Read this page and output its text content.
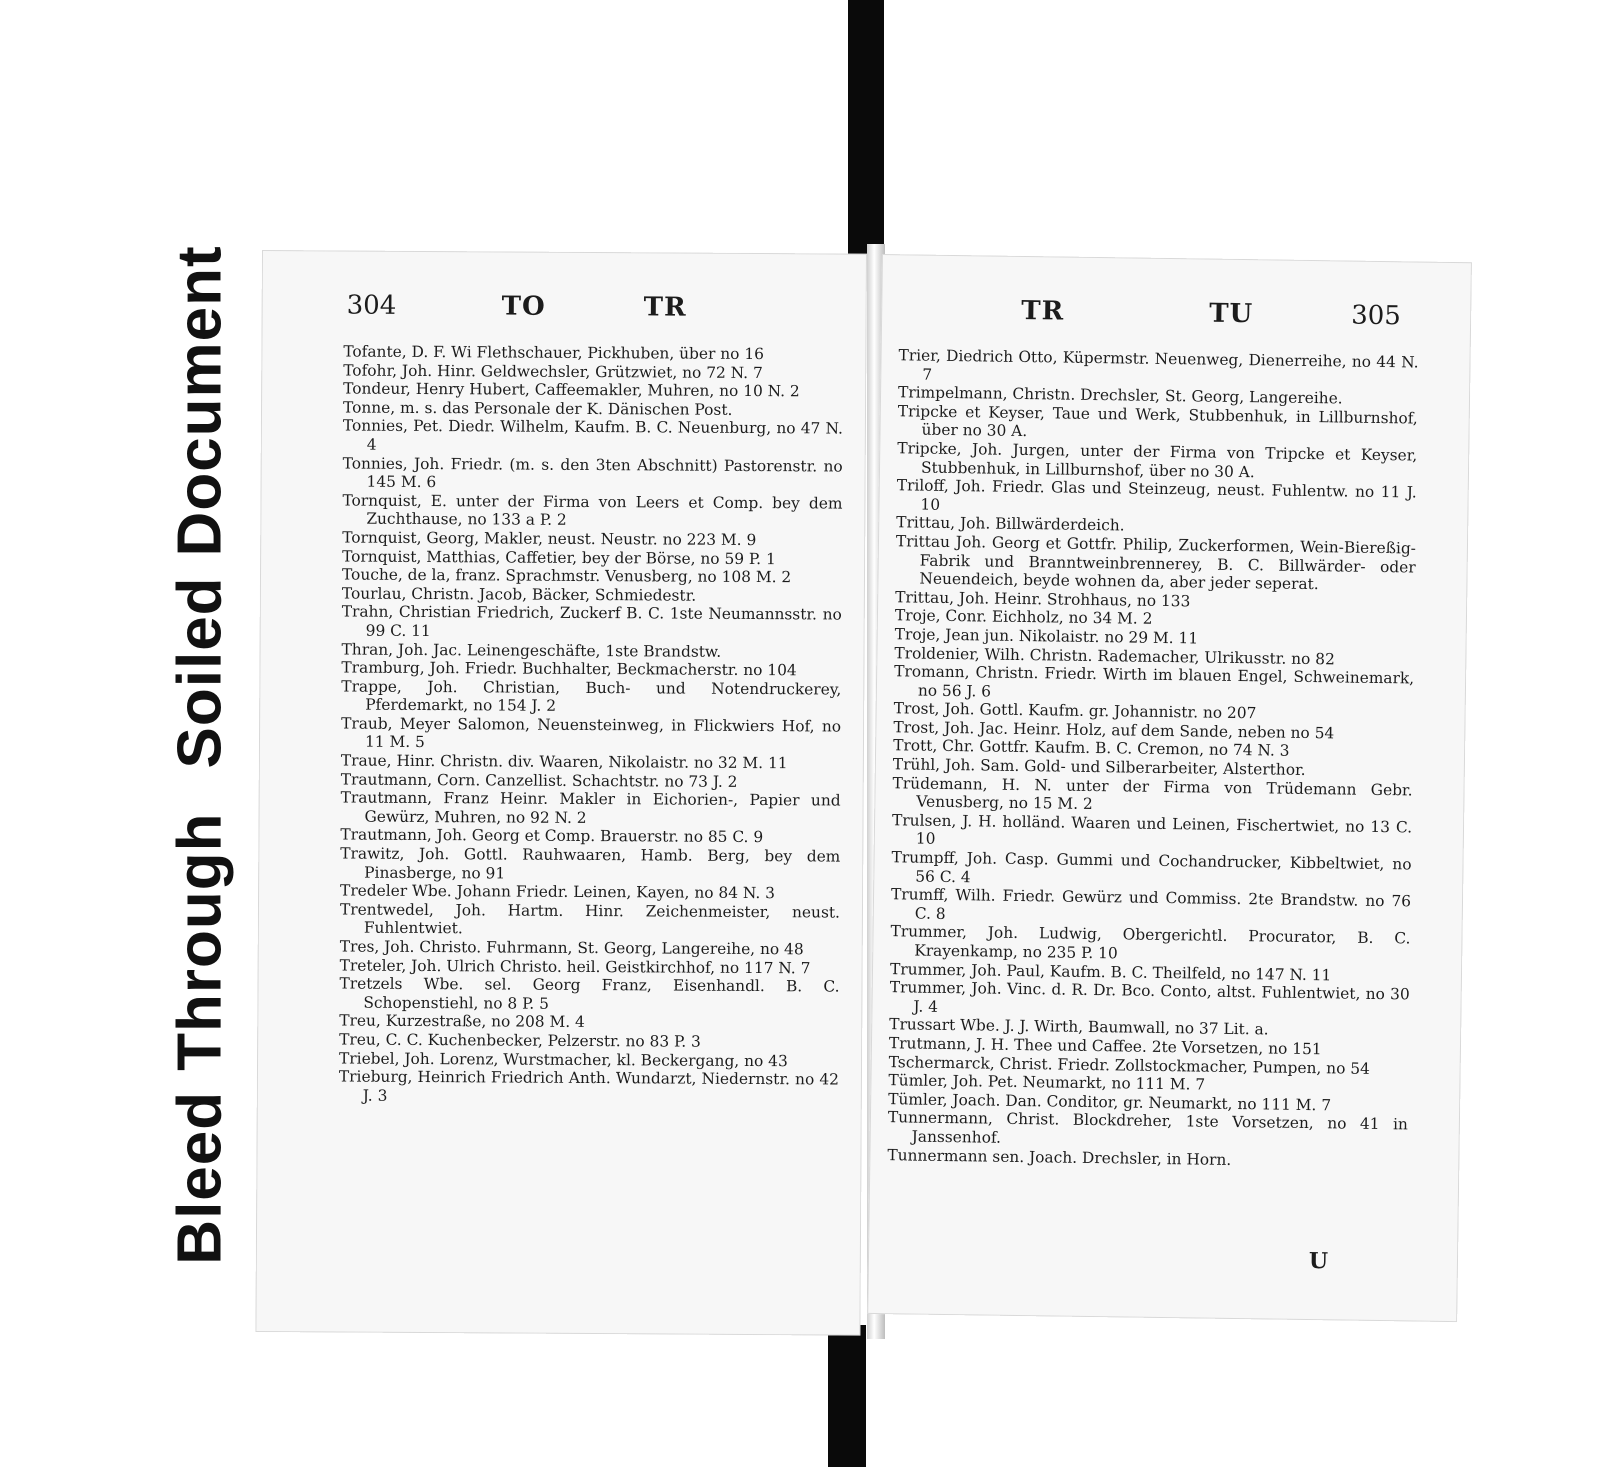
BleedThroughSoiledDocument	304	TO	TR

Tofante, D. F. Wi Flethschauer, Pickhuben, über no 16

Tofohr, Joh. Hinr. Geldwechsler, Grützwiet, no 72 N. 7

Tondeur, Henry Hubert, Caffeemakler, Muhren, no 10 N. 2

Tonne, m. s. das Personale der K. Dänischen Post.

Tonnies, Pet. Diedr. Wilhelm, Kaufm. B. C. Neuenburg, no 47 N. 4

Tonnies, Joh. Friedr. (m. s. den 3ten Abschnitt) Pastorenstr. no 145 M. 6

Tornquist, E. unter der Firma von Leers et Comp. bey dem Zuchthause, no 133 a P. 2

Tornquist, Georg, Makler, neust. Neustr. no 223 M. 9

Tornquist, Matthias, Caffetier, bey der Börse, no 59 P. 1

Touche, de la, franz. Sprachmstr. Venusberg, no 108 M. 2

Tourlau, Christn. Jacob, Bäcker, Schmiedestr.

Trahn, Christian Friedrich, Zuckerf B. C. 1ste Neumannsstr. no 99 C. 11

Thran, Joh. Jac. Leinengeschäfte, 1ste Brandstw.

Tramburg, Joh. Friedr. Buchhalter, Beckmacherstr. no 104

Trappe, Joh. Christian, Buch- und Notendruckerey, Pferdemarkt, no 154 J. 2

Traub, Meyer Salomon, Neuensteinweg, in Flickwiers Hof, no 11 M. 5

Traue, Hinr. Christn. div. Waaren, Nikolaistr. no 32 M. 11

Trautmann, Corn. Canzellist. Schachtstr. no 73 J. 2

Trautmann, Franz Heinr. Makler in Eichorien-, Papier und Gewürz, Muhren, no 92 N. 2

Trautmann, Joh. Georg et Comp. Brauerstr. no 85 C. 9

Trawitz, Joh. Gottl. Rauhwaaren, Hamb. Berg, bey dem Pinasberge, no 91

Tredeler Wbe. Johann Friedr. Leinen, Kayen, no 84 N. 3

Trentwedel, Joh. Hartm. Hinr. Zeichenmeister, neust. Fuhlentwiet.

Tres, Joh. Christo. Fuhrmann, St. Georg, Langereihe, no 48

Treteler, Joh. Ulrich Christo. heil. Geistkirchhof, no 117 N. 7

Tretzels Wbe. sel. Georg Franz, Eisenhandl. B. C. Schopenstiehl, no 8 P. 5

Treu, Kurzestraße, no 208 M. 4

Treu, C. C. Kuchenbecker, Pelzerstr. no 83 P. 3

Triebel, Joh. Lorenz, Wurstmacher, kl. Beckergang, no 43

Trieburg, Heinrich Friedrich Anth. Wundarzt, Niedernstr. no 42 J. 3

TR	TU	305

Trier, Diedrich Otto, Küpermstr. Neuenweg, Dienerreihe, no 44 N. 7

Trimpelmann, Christn. Drechsler, St. Georg, Langereihe.

Tripcke et Keyser, Taue und Werk, Stubbenhuk, in Lillburnshof, über no 30 A.

Tripcke, Joh. Jurgen, unter der Firma von Tripcke et Keyser, Stubbenhuk, in Lillburnshof, über no 30 A.

Triloff, Joh. Friedr. Glas und Steinzeug, neust. Fuhlentw. no 11 J. 10

Trittau, Joh. Billwärderdeich.

Trittau Joh. Georg et Gottfr. Philip, Zuckerformen, Wein-Biereßig-Fabrik und Branntweinbrennerey, B. C. Billwärder- oder Neuendeich, beyde wohnen da, aber jeder seperat.

Trittau, Joh. Heinr. Strohhaus, no 133

Troje, Conr. Eichholz, no 34 M. 2

Troje, Jean jun. Nikolaistr. no 29 M. 11

Troldenier, Wilh. Christn. Rademacher, Ulrikusstr. no 82

Tromann, Christn. Friedr. Wirth im blauen Engel, Schweinemark, no 56 J. 6

Trost, Joh. Gottl. Kaufm. gr. Johannistr. no 207

Trost, Joh. Jac. Heinr. Holz, auf dem Sande, neben no 54

Trott, Chr. Gottfr. Kaufm. B. C. Cremon, no 74 N. 3

Trühl, Joh. Sam. Gold- und Silberarbeiter, Alsterthor.

Trüdemann, H. N. unter der Firma von Trüdemann Gebr. Venusberg, no 15 M. 2

Trulsen, J. H. holländ. Waaren und Leinen, Fischertwiet, no 13 C. 10

Trumpff, Joh. Casp. Gummi und Cochandrucker, Kibbeltwiet, no 56 C. 4

Trumff, Wilh. Friedr. Gewürz und Commiss. 2te Brandstw. no 76 C. 8

Trummer, Joh. Ludwig, Obergerichtl. Procurator, B. C. Krayenkamp, no 235 P. 10

Trummer, Joh. Paul, Kaufm. B. C. Theilfeld, no 147 N. 11

Trummer, Joh. Vinc. d. R. Dr. Bco. Conto, altst. Fuhlentwiet, no 30 J. 4

Trussart Wbe. J. J. Wirth, Baumwall, no 37 Lit. a.

Trutmann, J. H. Thee und Caffee. 2te Vorsetzen, no 151

Tschermarck, Christ. Friedr. Zollstockmacher, Pumpen, no 54

Tümler, Joh. Pet. Neumarkt, no 111 M. 7

Tümler, Joach. Dan. Conditor, gr. Neumarkt, no 111 M. 7

Tunnermann, Christ. Blockdreher, 1ste Vorsetzen, no 41 in Janssenhof.

Tunnermann sen. Joach. Drechsler, in Horn.

U
